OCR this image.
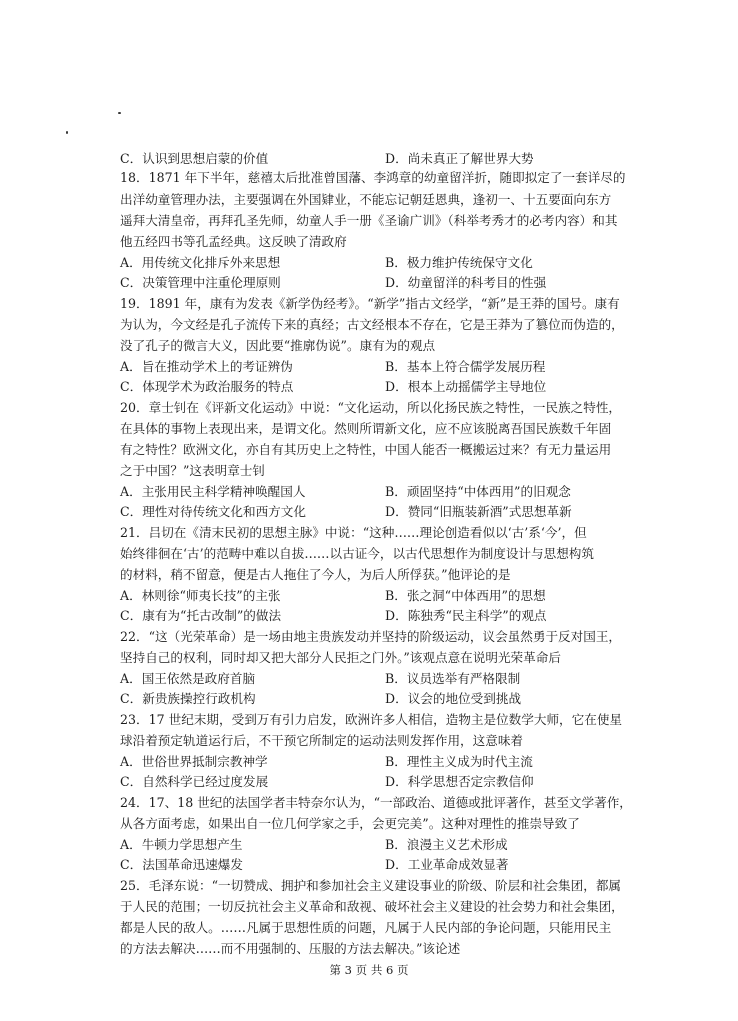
C．认识到思想启蒙的价值	D．尚未真正了解世界大势
18．1871 年下半年，慈禧太后批准曾国藩、李鸿章的幼童留洋折，随即拟定了一套详尽的
出洋幼童管理办法，主要强调在外国肄业，不能忘记朝廷恩典，逢初一、十五要面向东方
遥拜大清皇帝，再拜孔圣先师，幼童人手一册《圣谕广训》（科举考秀才的必考内容）和其
他五经四书等孔孟经典。这反映了清政府
A．用传统文化排斥外来思想	B．极力维护传统保守文化
C．决策管理中注重伦理原则	D．幼童留洋的科考目的性强
19．1891 年，康有为发表《新学伪经考》。“新学”指古文经学，“新”是王莽的国号。康有
为认为，今文经是孔子流传下来的真经；古文经根本不存在，它是王莽为了篡位而伪造的，
没了孔子的微言大义，因此要“推廓伪说”。康有为的观点
A．旨在推动学术上的考证辨伪	B．基本上符合儒学发展历程
C．体现学术为政治服务的特点	D．根本上动摇儒学主导地位
20．章士钊在《评新文化运动》中说：“文化运动，所以化扬民族之特性，一民族之特性，
在具体的事物上表现出来，是谓文化。然则所谓新文化，应不应该脱离吾国民族数千年固
有之特性？欧洲文化，亦自有其历史上之特性，中国人能否一概搬运过来？有无力量运用
之于中国？”这表明章士钊
A．主张用民主科学精神唤醒国人	B．顽固坚持“中体西用”的旧观念
C．理性对待传统文化和西方文化	D．赞同“旧瓶装新酒”式思想革新
21．吕切在《清末民初的思想主脉》中说：“这种……理论创造看似以‘古’系‘今’，但
始终徘徊在‘古’的范畴中难以自拔……以古证今，以古代思想作为制度设计与思想构筑
的材料，稍不留意，便是古人拖住了今人，为后人所俘获。”他评论的是
A．林则徐“师夷长技”的主张	B．张之洞“中体西用”的思想
C．康有为“托古改制”的做法	D．陈独秀“民主科学”的观点
22．“这（光荣革命）是一场由地主贵族发动并坚持的阶级运动，议会虽然勇于反对国王，
坚持自己的权利，同时却又把大部分人民拒之门外。”该观点意在说明光荣革命后
A．国王依然是政府首脑	B．议员选举有严格限制
C．新贵族操控行政机构	D．议会的地位受到挑战
23．17 世纪末期，受到万有引力启发，欧洲许多人相信，造物主是位数学大师，它在使星
球沿着预定轨道运行后，不干预它所制定的运动法则发挥作用，这意味着
A．世俗世界抵制宗教神学	B．理性主义成为时代主流
C．自然科学已经过度发展	D．科学思想否定宗教信仰
24．17、18 世纪的法国学者丰特奈尔认为，“一部政治、道德或批评著作，甚至文学著作，
从各方面考虑，如果出自一位几何学家之手，会更完美”。这种对理性的推崇导致了
A．牛顿力学思想产生	B．浪漫主义艺术形成
C．法国革命迅速爆发	D．工业革命成效显著
25．毛泽东说：“一切赞成、拥护和参加社会主义建设事业的阶级、阶层和社会集团，都属
于人民的范围；一切反抗社会主义革命和敌视、破坏社会主义建设的社会势力和社会集团，
都是人民的敌人。……凡属于思想性质的问题，凡属于人民内部的争论问题，只能用民主
的方法去解决……而不用强制的、压服的方法去解决。”该论述
第 3 页 共 6 页
